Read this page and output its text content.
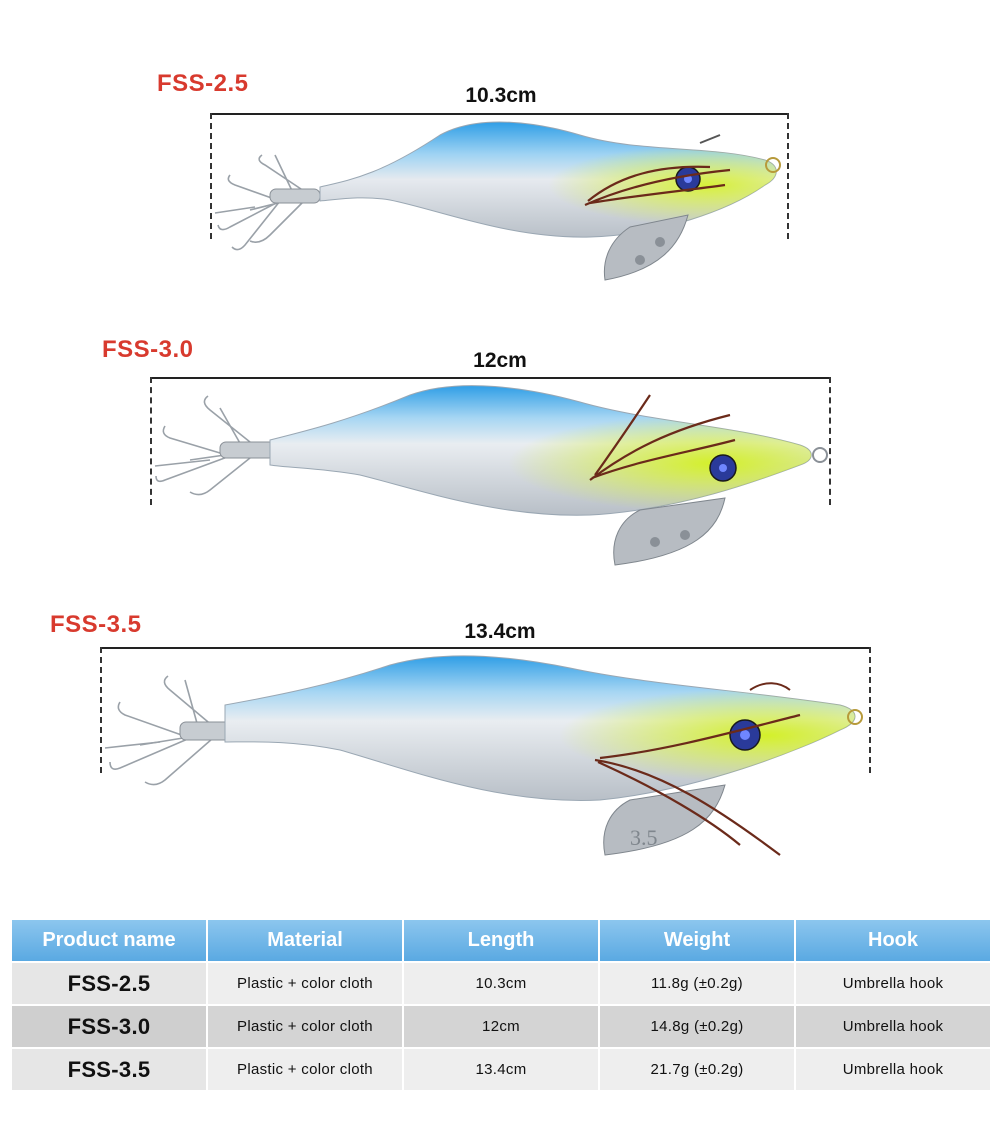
FSS-2.5	10.3cm
FSS-3.0	12cm
FSS-3.5	13.4cm
3.5
Product name	Material	Length	Weight	Hook
FSS-2.5	Plastic + color cloth	10.3cm	11.8g (±0.2g)	Umbrella hook
FSS-3.0	Plastic + color cloth	12cm	14.8g (±0.2g)	Umbrella hook
FSS-3.5	Plastic + color cloth	13.4cm	21.7g (±0.2g)	Umbrella hook
